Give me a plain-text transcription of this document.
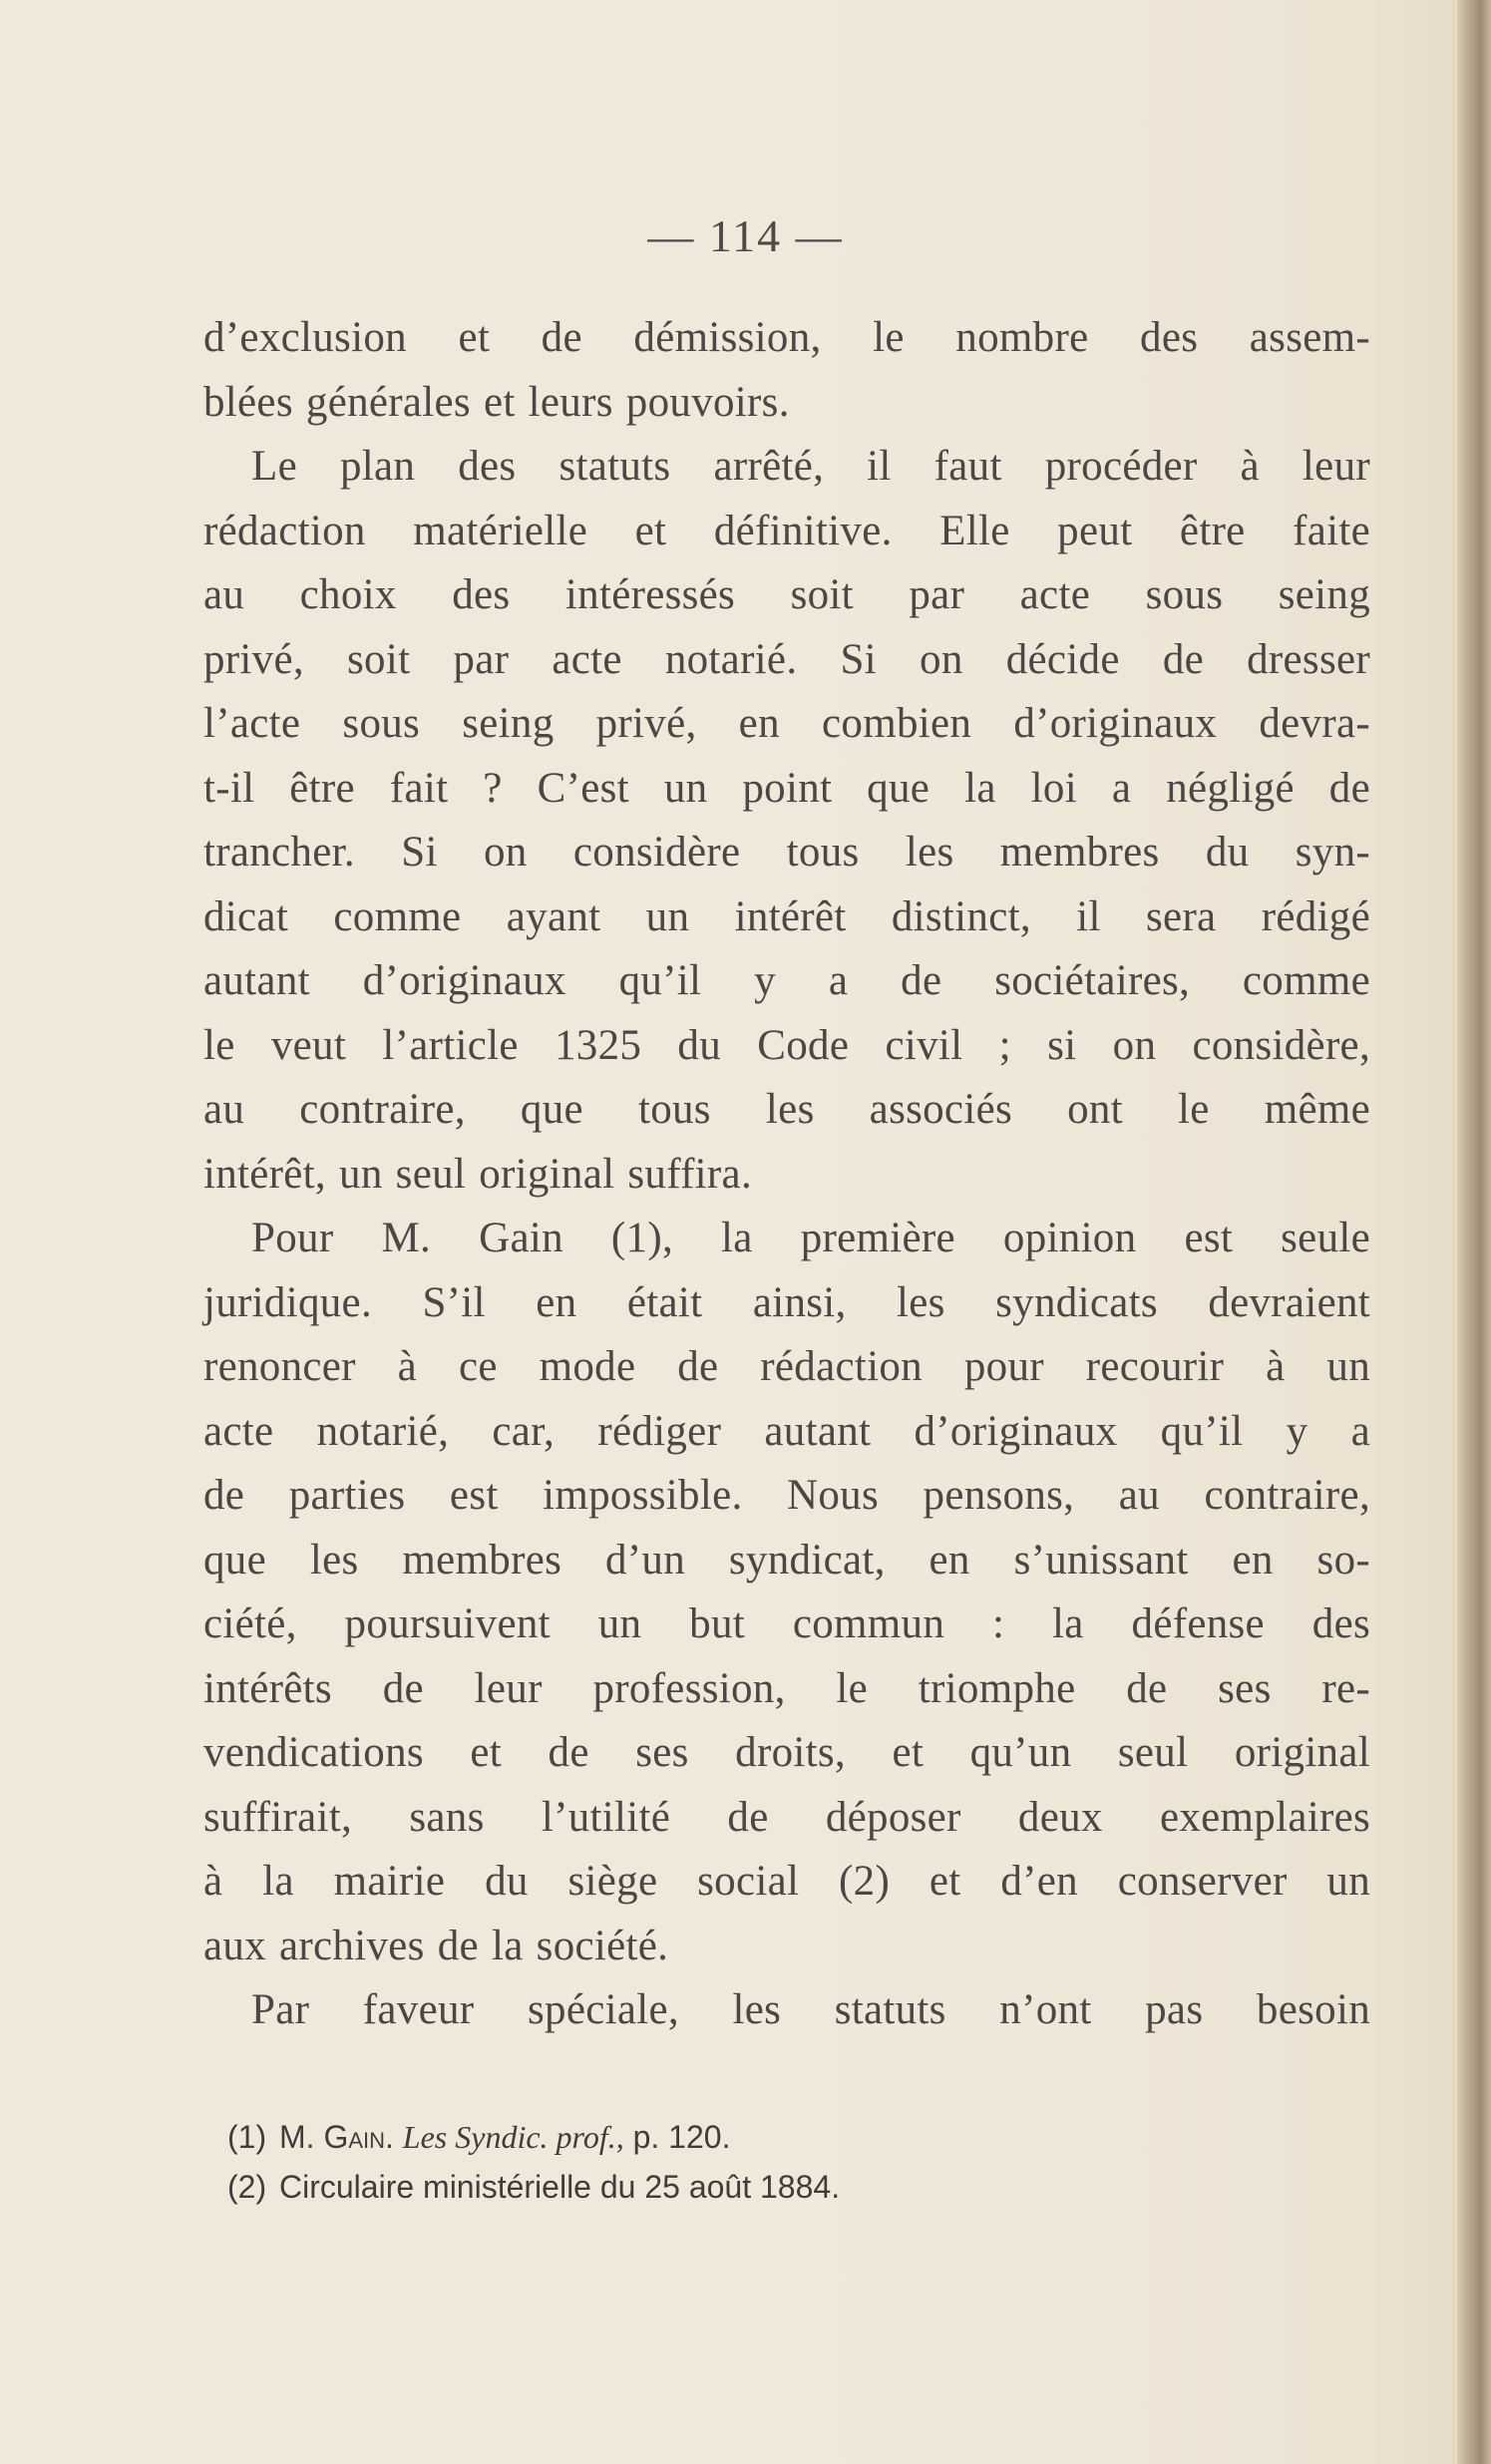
— 114 —
d’exclusion et de démission, le nombre des assem-
blées générales et leurs pouvoirs.
Le plan des statuts arrêté, il faut procéder à leur
rédaction matérielle et définitive. Elle peut être faite
au choix des intéressés soit par acte sous seing
privé, soit par acte notarié. Si on décide de dresser
l’acte sous seing privé, en combien d’originaux devra-
t-il être fait ? C’est un point que la loi a négligé de
trancher. Si on considère tous les membres du syn-
dicat comme ayant un intérêt distinct, il sera rédigé
autant d’originaux qu’il y a de sociétaires, comme
le veut l’article 1325 du Code civil ; si on considère,
au contraire, que tous les associés ont le même
intérêt, un seul original suffira.
Pour M. Gain (1), la première opinion est seule
juridique. S’il en était ainsi, les syndicats devraient
renoncer à ce mode de rédaction pour recourir à un
acte notarié, car, rédiger autant d’originaux qu’il y a
de parties est impossible. Nous pensons, au contraire,
que les membres d’un syndicat, en s’unissant en so-
ciété, poursuivent un but commun : la défense des
intérêts de leur profession, le triomphe de ses re-
vendications et de ses droits, et qu’un seul original
suffirait, sans l’utilité de déposer deux exemplaires
à la mairie du siège social (2) et d’en conserver un
aux archives de la société.
Par faveur spéciale, les statuts n’ont pas besoin
(1) M. Gain. Les Syndic. prof., p. 120.
(2) Circulaire ministérielle du 25 août 1884.
